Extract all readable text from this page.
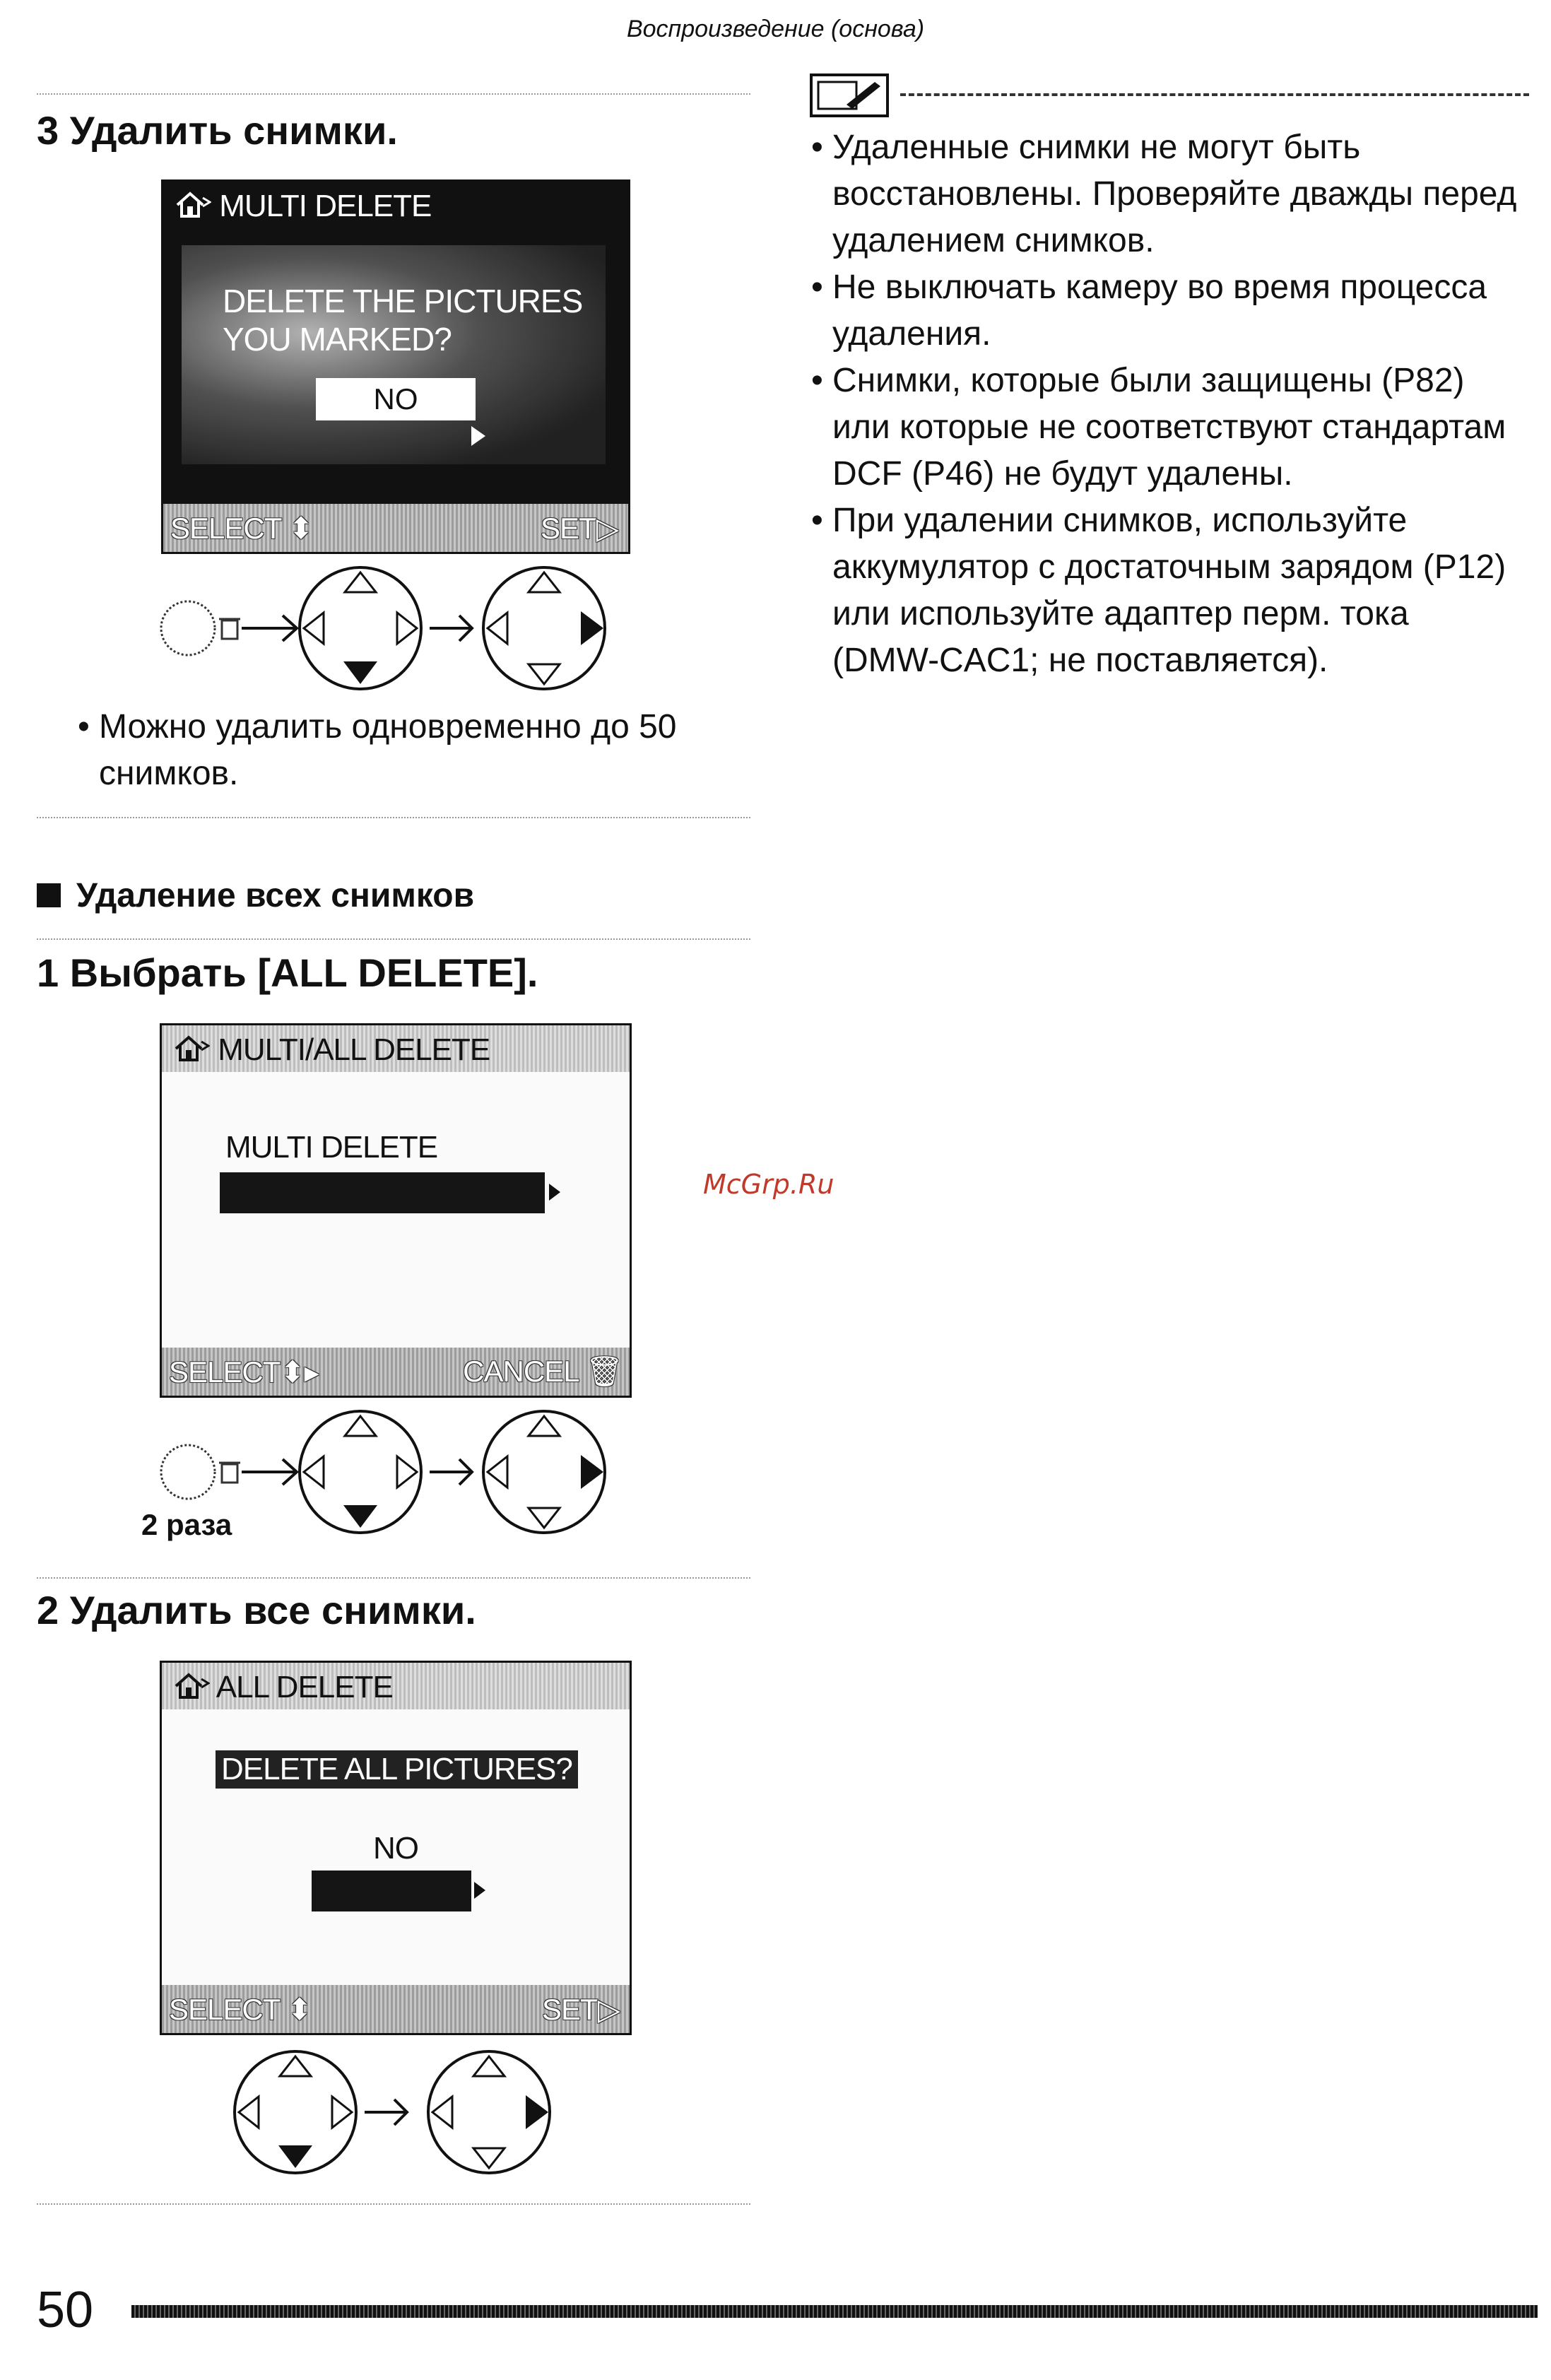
Воспроизведение (основа)
3 Удалить снимки.
MULTI DELETE
DELETE THE PICTURES
YOU MARKED?
NO
SELECT ⬍	SET▷
• Можно удалить одновременно до 50 снимков.
Удаление всех снимков
1 Выбрать [ALL DELETE].
MULTI/ALL DELETE
MULTI DELETE
SELECT⬍▸	CANCEL 🗑
2 раза
2 Удалить все снимки.
ALL DELETE
DELETE ALL PICTURES?
NO
SELECT ⬍	SET▷
• Удаленные снимки не могут быть восстановлены. Проверяйте дважды перед удалением снимков.
• Не выключать камеру во время процесса удаления.
• Снимки, которые были защищены (P82) или которые не соответствуют стандартам DCF (P46) не будут удалены.
• При удалении снимков, используйте аккумулятор с достаточным зарядом (P12) или используйте адаптер перм. тока (DMW-CAC1; не поставляется).
McGrp.Ru
50
